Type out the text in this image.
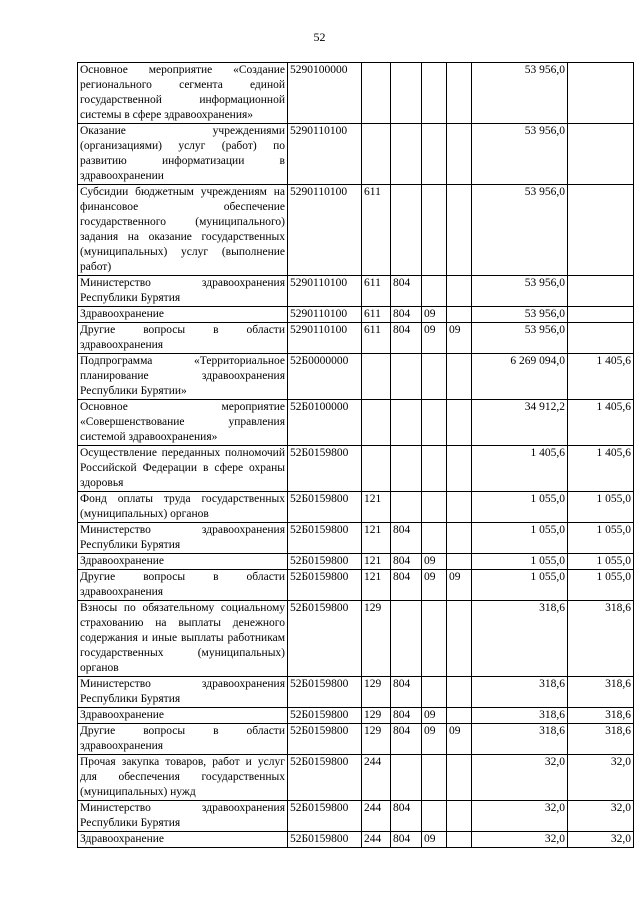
52
Основное мероприятие «Создание регионального сегмента единой государственной информационной системы в сфере здравоохранения»	5290100000					53 956,0	
Оказание учреждениями (организациями) услуг (работ) по развитию информатизации в здравоохранении	5290110100					53 956,0	
Субсидии бюджетным учреждениям на финансовое обеспечение государственного (муниципального) задания на оказание государственных (муниципальных) услуг (выполнение работ)	5290110100	611				53 956,0	
Министерство здравоохранения Республики Бурятия	5290110100	611	804			53 956,0	
Здравоохранение	5290110100	611	804	09		53 956,0	
Другие вопросы в области здравоохранения	5290110100	611	804	09	09	53 956,0	
Подпрограмма «Территориальное планирование здравоохранения Республики Бурятии»	52Б0000000					6 269 094,0	1 405,6
Основное мероприятие «Совершенствование управления системой здравоохранения»	52Б0100000					34 912,2	1 405,6
Осуществление переданных полномочий Российской Федерации в сфере охраны здоровья	52Б0159800					1 405,6	1 405,6
Фонд оплаты труда государственных (муниципальных) органов	52Б0159800	121				1 055,0	1 055,0
Министерство здравоохранения Республики Бурятия	52Б0159800	121	804			1 055,0	1 055,0
Здравоохранение	52Б0159800	121	804	09		1 055,0	1 055,0
Другие вопросы в области здравоохранения	52Б0159800	121	804	09	09	1 055,0	1 055,0
Взносы по обязательному социальному страхованию на выплаты денежного содержания и иные выплаты работникам государственных (муниципальных) органов	52Б0159800	129				318,6	318,6
Министерство здравоохранения Республики Бурятия	52Б0159800	129	804			318,6	318,6
Здравоохранение	52Б0159800	129	804	09		318,6	318,6
Другие вопросы в области здравоохранения	52Б0159800	129	804	09	09	318,6	318,6
Прочая закупка товаров, работ и услуг для обеспечения государственных (муниципальных) нужд	52Б0159800	244				32,0	32,0
Министерство здравоохранения Республики Бурятия	52Б0159800	244	804			32,0	32,0
Здравоохранение	52Б0159800	244	804	09		32,0	32,0
